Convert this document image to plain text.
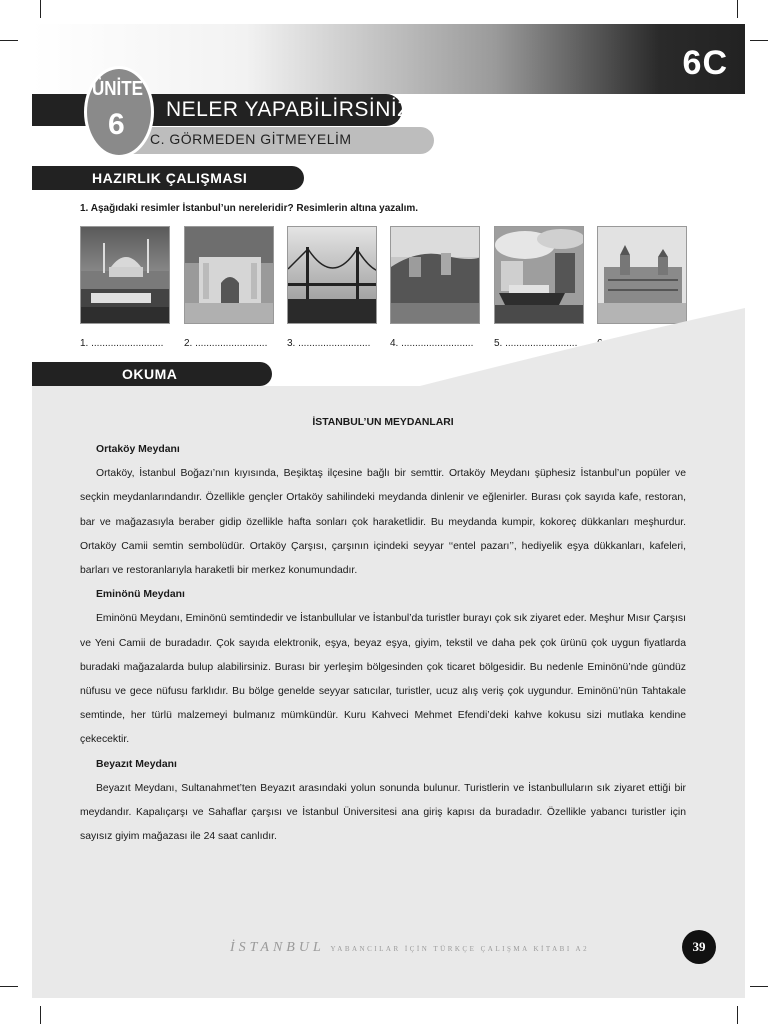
6C
ÜNİTE
6 NELER YAPABİLİRSİNİZ?
C. GÖRMEDEN GİTMEYELİM
HAZIRLIK ÇALIŞMASI
1. Aşağıdaki resimler İstanbul’un nereleridir? Resimlerin altına yazalım.
1. .......................... 2. .......................... 3. .......................... 4. .......................... 5. ..........................
OKUMA
İSTANBUL’UN MEYDANLARI

Ortaköy Meydanı

Ortaköy, İstanbul Boğazı’nın kıyısında, Beşiktaş ilçesine bağlı bir semttir. Ortaköy Meydanı şüphesiz İstanbul’un popüler ve seçkin meydanlarındandır. Özellikle gençler Ortaköy sahilindeki meydanda dinlenir ve eğlenirler. Burası çok sayıda kafe, restoran, bar ve mağazasıyla beraber gidip özellikle hafta sonları çok haraketlidir. Bu meydanda kumpir, kokoreç dükkanları meşhurdur. Ortaköy Camii semtin sembolüdür. Ortaköy Çarşısı, çarşının içindeki seyyar ‘‘entel pazarı’’, hediyelik eşya dükkanları, kafeleri, barları ve restoranlarıyla haraketli bir merkez konumundadır.

Eminönü Meydanı

Eminönü Meydanı, Eminönü semtindedir ve İstanbullular ve İstanbul’da turistler burayı çok sık ziyaret eder. Meşhur Mısır Çarşısı ve Yeni Camii de buradadır. Çok sayıda elektronik, eşya, beyaz eşya, giyim, tekstil ve daha pek çok ürünü çok uygun fiyatlarda buradaki mağazalarda bulup alabilirsiniz. Burası bir yerleşim bölgesinden çok ticaret bölgesidir. Bu nedenle Eminönü’nde gündüz nüfusu ve gece nüfusu farklıdır. Bu bölge genelde seyyar satıcılar, turistler, ucuz alış veriş çok uygundur. Eminönü’nün Tahtakale semtinde, her türlü malzemeyi bulmanız mümkündür. Kuru Kahveci Mehmet Efendi’deki kahve kokusu sizi mutlaka kendine çekecektir.

Beyazıt Meydanı

Beyazıt Meydanı, Sultanahmet’ten Beyazıt arasındaki yolun sonunda bulunur. Turistlerin ve İstanbulluların sık ziyaret ettiği bir meydandır. Kapalıçarşı ve Sahaflar çarşısı ve İstanbul Üniversitesi ana giriş kapısı da buradadır. Özellikle yabancı turistler için sayısız giyim mağazası ile 24 saat canlıdır.

İSTANBUL YABANCILAR İÇİN TÜRKÇE ÇALIŞMA KİTABI A2	39
